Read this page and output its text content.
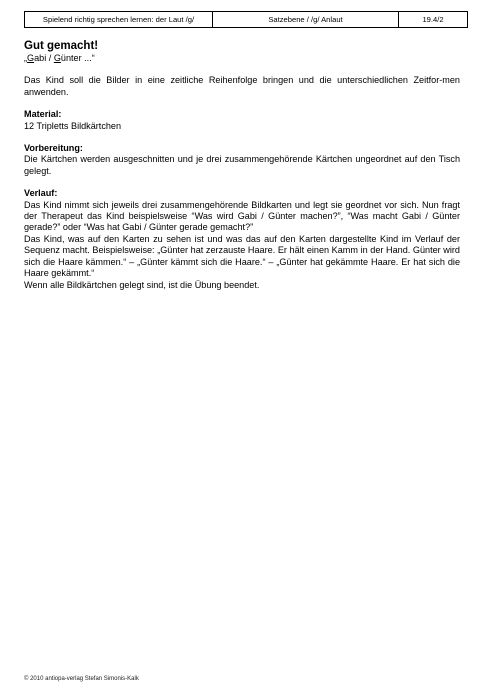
Spielend richtig sprechen lernen: der Laut /g/	Satzebene / /g/ Anlaut	19.4/2
Gut gemacht!

„Gabi / Günter ...“

Das Kind soll die Bilder in eine zeitliche Reihenfolge bringen und die unterschiedlichen Zeitfor-men anwenden.

Material:

12 Tripletts Bildkärtchen

Vorbereitung:

Die Kärtchen werden ausgeschnitten und je drei zusammengehörende Kärtchen ungeordnet auf den Tisch gelegt.

Verlauf:

Das Kind nimmt sich jeweils drei zusammengehörende Bildkarten und legt sie geordnet vor sich. Nun fragt der Therapeut das Kind beispielsweise “Was wird Gabi / Günter machen?”, “Was macht Gabi / Günter gerade?” oder “Was hat Gabi / Günter gerade gemacht?”

Das Kind, was auf den Karten zu sehen ist und was das auf den Karten dargestellte Kind im Verlauf der Sequenz macht. Beispielsweise: „Günter hat zerzauste Haare. Er hält einen Kamm in der Hand. Günter wird sich die Haare kämmen.“ – „Günter kämmt sich die Haare.“ – „Günter hat gekämmte Haare. Er hat sich die Haare gekämmt.“

Wenn alle Bildkärtchen gelegt sind, ist die Übung beendet.

© 2010 antiopa-verlag Stefan Simonis-Kalk
